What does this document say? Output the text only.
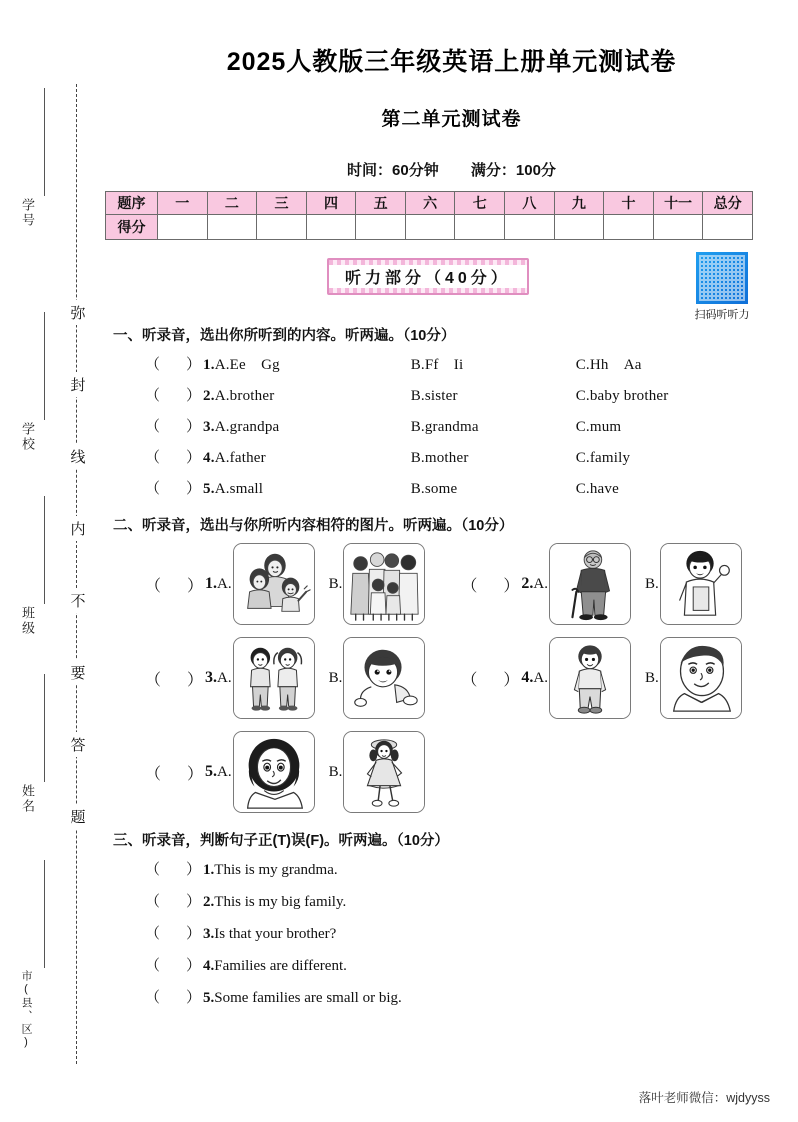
学号
学校
班级
姓名
市(县、区)
弥
封
线
内
不
要
答
题
2025人教版三年级英语上册单元测试卷
第二单元测试卷
时间：60分钟 满分：100分
题序	一	二	三	四	五	六	七	八	九	十	十一	总分
得分												
听力部分（40分）
扫码听听力
一、听录音，选出你所听到的内容。听两遍。（10分）
（ ） 1.A.Ee　Gg	B.Ff　Ii	C.Hh　Aa
（ ） 2.A.brother	B.sister	C.baby brother
（ ） 3.A.grandpa	B.grandma	C.mum
（ ） 4.A.father	B.mother	C.family
（ ） 5.A.small	B.some	C.have
二、听录音，选出与你所听内容相符的图片。听两遍。（10分）
（ ） 1. A.	B.	（ ） 2. A.	B.
（ ） 3. A.	B.	（ ） 4. A.	B.
（ ） 5. A.	B.
三、听录音，判断句子正(T)误(F)。听两遍。（10分）
（ ） 1.This is my grandma.
（ ） 2.This is my big family.
（ ） 3.Is that your brother?
（ ） 4.Families are different.
（ ） 5.Some families are small or big.
落叶老师微信：wjdyyss
